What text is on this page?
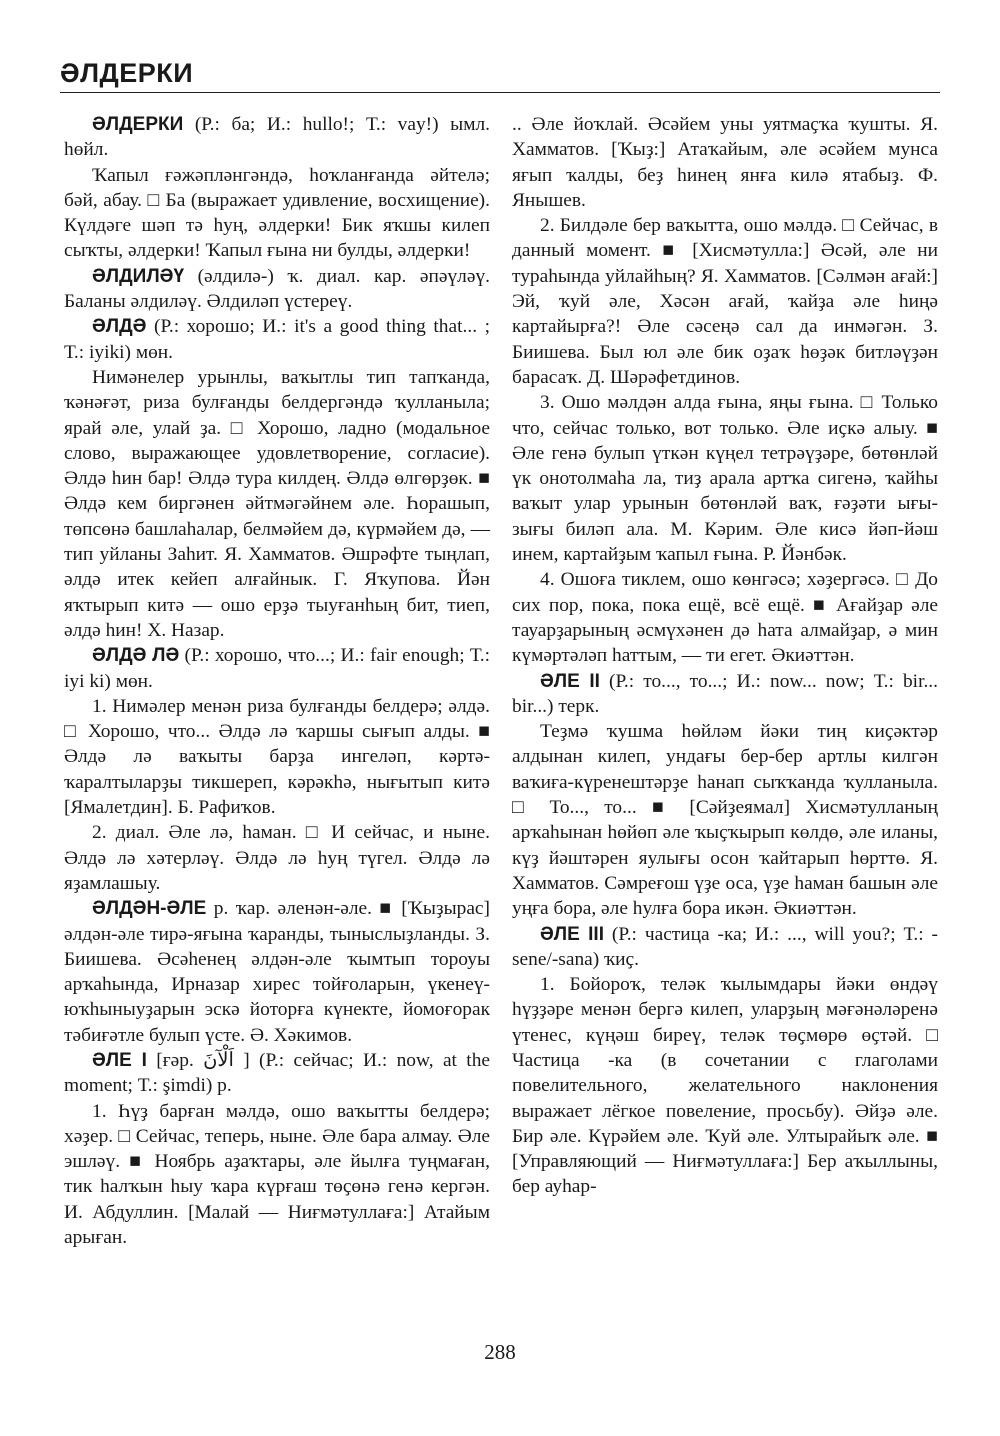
ӘЛДЕРКИ

ӘЛДЕРКИ (Р.: ба; И.: hullo!; Т.: vay!) ымл. һөйл.

Ҡапыл ғәжәпләнгәндә, һоҡланғанда әйтелә; бәй, абау. □ Ба (выражает удивление, восхищение). Күлдәге шәп тә һуң, әлдерки! Бик яҡшы килеп сыҡты, әлдерки! Ҡапыл ғына ни булды, әлдерки!

ӘЛДИЛӘҮ (әлдилә-) ҡ. диал. кар. әпәүләү. Баланы әлдиләү. Әлдиләп үстереү.

ӘЛДӘ (Р.: хорошо; И.: it's a good thing that... ; Т.: iyiki) мөн.

Нимәнелер урынлы, ваҡытлы тип тапҡанда, ҡәнәғәт, риза булғанды белдергәндә ҡулланыла; ярай әле, улай ҙа. □ Хорошо, ладно (модальное слово, выражающее удовлетворение, согласие). Әлдә һин бар! Әлдә тура килдең. Әлдә өлгөрҙөк. ■ Әлдә кем биргәнен әйтмәгәйнем әле. Һорашып, төпсөнә башлаһалар, белмәйем дә, күрмәйем дә, — тип уйланы Заһит. Я. Хамматов. Әшрәфте тыңлап, әлдә итек кейеп алғайнык. Г. Яҡупова. Йән яҡтырып китә — ошо ерҙә тыуғанһың бит, тиеп, әлдә һин! Х. Назар.

ӘЛДӘ ЛӘ (Р.: хорошо, что...; И.: fair enough; Т.: iyi ki) мөн.

1. Нимәлер менән риза булғанды белдерә; әлдә. □ Хорошо, что... Әлдә лә ҡаршы сығып алды. ■ Әлдә лә ваҡыты барҙа ингеләп, кәртә-ҡаралтыларҙы тикшереп, кәрәкһә, нығытып китә [Ямалетдин]. Б. Рафиҡов.

2. диал. Әле лә, һаман. □ И сейчас, и ныне. Әлдә лә хәтерләү. Әлдә лә һуң түгел. Әлдә лә яҙамлашыу.

ӘЛДӘН-ӘЛЕ р. ҡар. әленән-әле. ■ [Ҡыҙырас] әлдән-әле тирә-яғына ҡаранды, тыныслыҙланды. З. Биишева. Әсәһенең әлдән-әле ҡымтып тороуы арҡаһында, Ирназар хирес тойғоларын, үкенеү-юҡһыныуҙарын эскә йоторға күнекте, йомоғорак тәбиғәтле булып үсте. Ә. Хәкимов.

ӘЛЕ I [ғәр. اَلْآنَ ] (Р.: сейчас; И.: now, at the moment; Т.: şimdi) р.

1. Һүҙ барған мәлдә, ошо ваҡытты белдерә; хәҙер. □ Сейчас, теперь, ныне. Әле бара алмау. Әле эшләү. ■ Ноябрь аҙаҡтары, әле йылға туңмаған, тик һалҡын һыу ҡара күрғаш төҫөнә генә кергән. И. Абдуллин. [Малай — Ниғмәтуллаға:] Атайым арыған.

.. Әле йоҡлай. Әсәйем уны уятмаҫҡа ҡушты. Я. Хамматов. [Ҡыҙ:] Атаҡайым, әле әсәйем мунса яғып ҡалды, беҙ һинең янға килә ятабыҙ. Ф. Янышев.

2. Билдәле бер ваҡытта, ошо мәлдә. □ Сейчас, в данный момент. ■ [Хисмәтулла:] Әсәй, әле ни тураһында уйлайһың? Я. Хамматов. [Сәлмән ағай:] Эй, ҡуй әле, Хәсән ағай, ҡайҙа әле һиңә картайырға?! Әле сәсеңә сал да инмәгән. З. Биишева. Был юл әле бик оҙаҡ һөҙәк битләүҙән барасаҡ. Д. Шәрәфетдинов.

3. Ошо мәлдән алда ғына, яңы ғына. □ Только что, сейчас только, вот только. Әле иҫкә алыу. ■ Әле генә булып үткән күңел тетрәүҙәре, бөтөнләй үк онотолмаһа ла, тиҙ арала артҡа сигенә, ҡайһы ваҡыт улар урынын бөтөнләй ваҡ, ғәҙәти ығы-зығы биләп ала. М. Кәрим. Әле кисә йәп-йәш инем, картайҙым ҡапыл ғына. Р. Йәнбәк.

4. Ошоға тиклем, ошо көнгәсә; хәҙергәсә. □ До сих пор, пока, пока ещё, всё ещё. ■ Ағайҙар әле тауарҙарының әсмүхәнен дә һата алмайҙар, ә мин күмәртәләп һаттым, — ти егет. Әкиәттән.

ӘЛЕ II (Р.: то..., то...; И.: now... now; Т.: bir... bir...) терк.

Теҙмә ҡушма һөйләм йәки тиң киҫәктәр алдынан килеп, ундағы бер-бер артлы килгән ваҡиға-күренештәрҙе һанап сыҡҡанда ҡулланыла. □ То..., то... ■ [Сәйҙеямал] Хисмәтулланың арҡаһынан һөйөп әле ҡыҫҡырып көлдө, әле иланы, күҙ йәштәрен яулығы осон ҡайтарып һөрттө. Я. Хамматов. Сәмреғош үҙе оса, үҙе һаман башын әле уңға бора, әле һулға бора икән. Әкиәттән.

ӘЛЕ III (Р.: частица -ка; И.: ..., will you?; Т.: -sene/-sana) ҡиҫ.

1. Бойороҡ, теләк ҡылымдары йәки өндәү һүҙҙәре менән бергә килеп, уларҙың мәғәнәләренә үтенес, күңәш биреү, теләк төҫмөрө өҫтәй. □ Частица -ка (в сочетании с глаголами повелительного, желательного наклонения выражает лёгкое повеление, просьбу). Әйҙә әле. Бир әле. Күрәйем әле. Ҡуй әле. Ултырайыҡ әле. ■ [Управляющий — Ниғмәтуллаға:] Бер аҡыллыны, бер ауһар-

288
